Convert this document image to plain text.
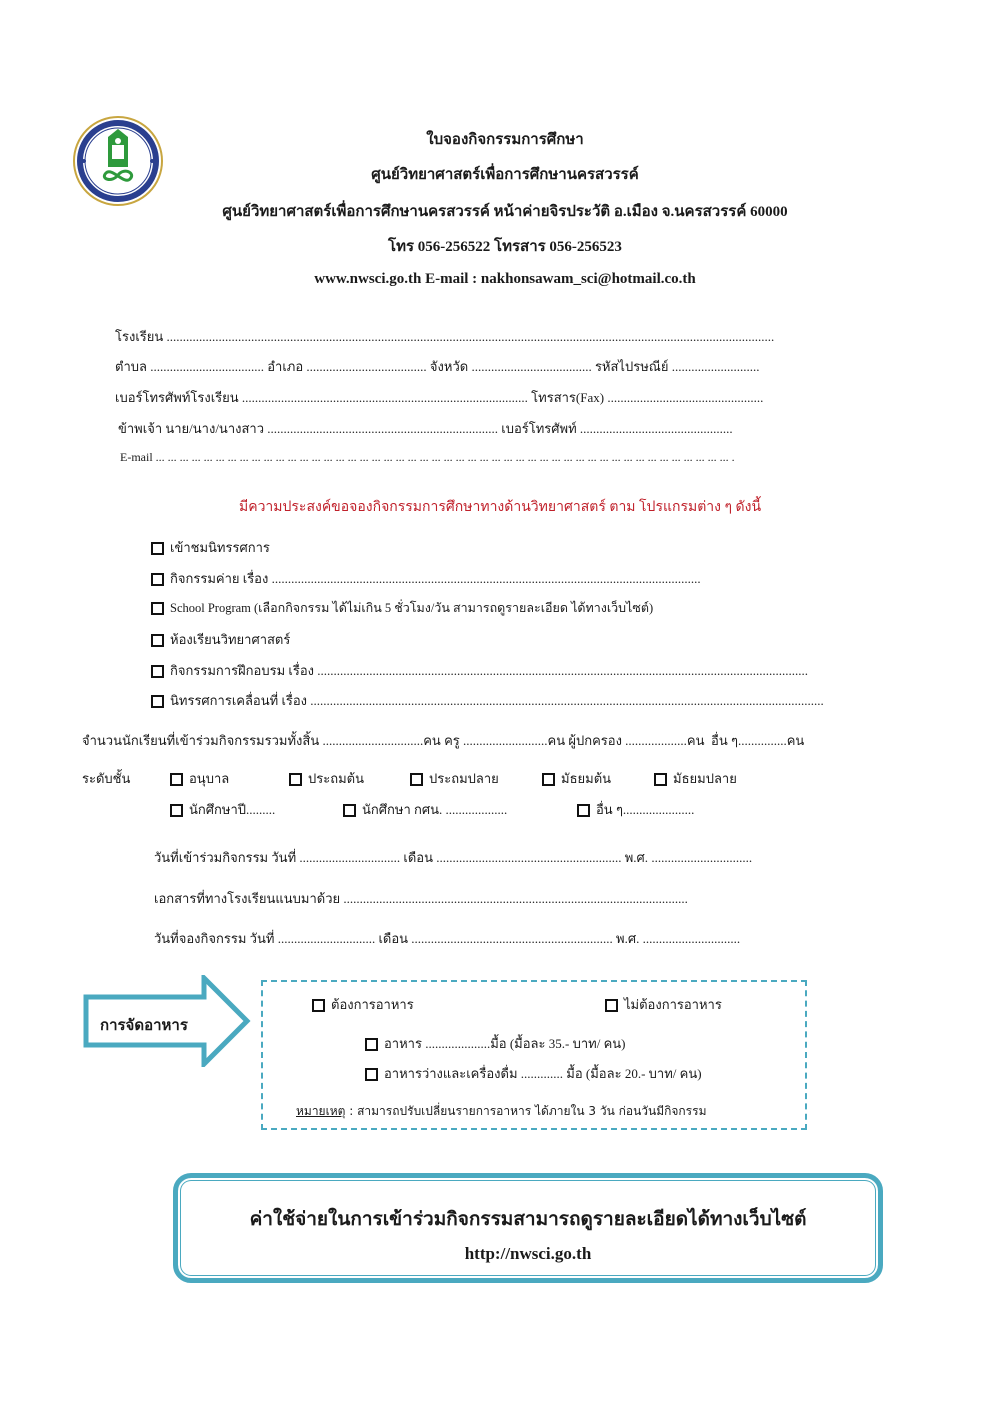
ใบจองกิจกรรมการศึกษา
ศูนย์วิทยาศาสตร์เพื่อการศึกษานครสวรรค์
ศูนย์วิทยาศาสตร์เพื่อการศึกษานครสวรรค์ หน้าค่ายจิรประวัติ อ.เมือง จ.นครสวรรค์ 60000
โทร 056-256522 โทรสาร 056-256523
www.nwsci.go.th E-mail : nakhonsawam_sci@hotmail.co.th
โรงเรียน ...........................................................................................................................................................................................
ตำบล ................................... อำเภอ ..................................... จังหวัด ..................................... รหัสไปรษณีย์ ...........................
เบอร์โทรศัพท์โรงเรียน ........................................................................................ โทรสาร(Fax) ................................................
ข้าพเจ้า นาย/นาง/นางสาว ....................................................................... เบอร์โทรศัพท์ ...............................................
E-mail ... ... ... ... ... ... ... ... ... ... ... ... ... ... ... ... ... ... ... ... ... ... ... ... ... ... ... ... ... ... ... ... ... ... ... ... ... ... ... ... ... ... ... ... ... ... ... ... .
มีความประสงค์ขอจองกิจกรรมการศึกษาทางด้านวิทยาศาสตร์ ตาม โปรแกรมต่าง ๆ ดังนี้
เข้าชมนิทรรศการ
กิจกรรมค่าย เรื่อง ....................................................................................................................................
School Program (เลือกกิจกรรม ได้ไม่เกิน 5 ชั่วโมง/วัน สามารถดูรายละเอียด ได้ทางเว็บไซต์)
ห้องเรียนวิทยาศาสตร์
กิจกรรมการฝึกอบรม เรื่อง .......................................................................................................................................................
นิทรรศการเคลื่อนที่ เรื่อง ..............................................................................................................................................................
จำนวนนักเรียนที่เข้าร่วมกิจกรรมรวมทั้งสิ้น ...............................คน ครู ..........................คน ผู้ปกครอง ...................คน อื่น ๆ...............คน
ระดับชั้น	อนุบาล	ประถมต้น	ประถมปลาย	มัธยมต้น	มัธยมปลาย
นักศึกษาปี.........	นักศึกษา กศน. ...................	อื่น ๆ......................
วันที่เข้าร่วมกิจกรรม วันที่ ............................... เดือน ......................................................... พ.ศ. ...............................
เอกสารที่ทางโรงเรียนแนบมาด้วย ..........................................................................................................
วันที่จองกิจกรรม วันที่ .............................. เดือน .............................................................. พ.ศ. ..............................
การจัดอาหาร
ต้องการอาหาร	ไม่ต้องการอาหาร
อาหาร ....................มื้อ (มื้อละ 35.- บาท/ คน)
อาหารว่างและเครื่องดื่ม ............. มื้อ (มื้อละ 20.- บาท/ คน)
หมายเหตุ : สามารถปรับเปลี่ยนรายการอาหาร ได้ภายใน 3 วัน ก่อนวันมีกิจกรรม
ค่าใช้จ่ายในการเข้าร่วมกิจกรรมสามารถดูรายละเอียดได้ทางเว็บไซต์
http://nwsci.go.th
